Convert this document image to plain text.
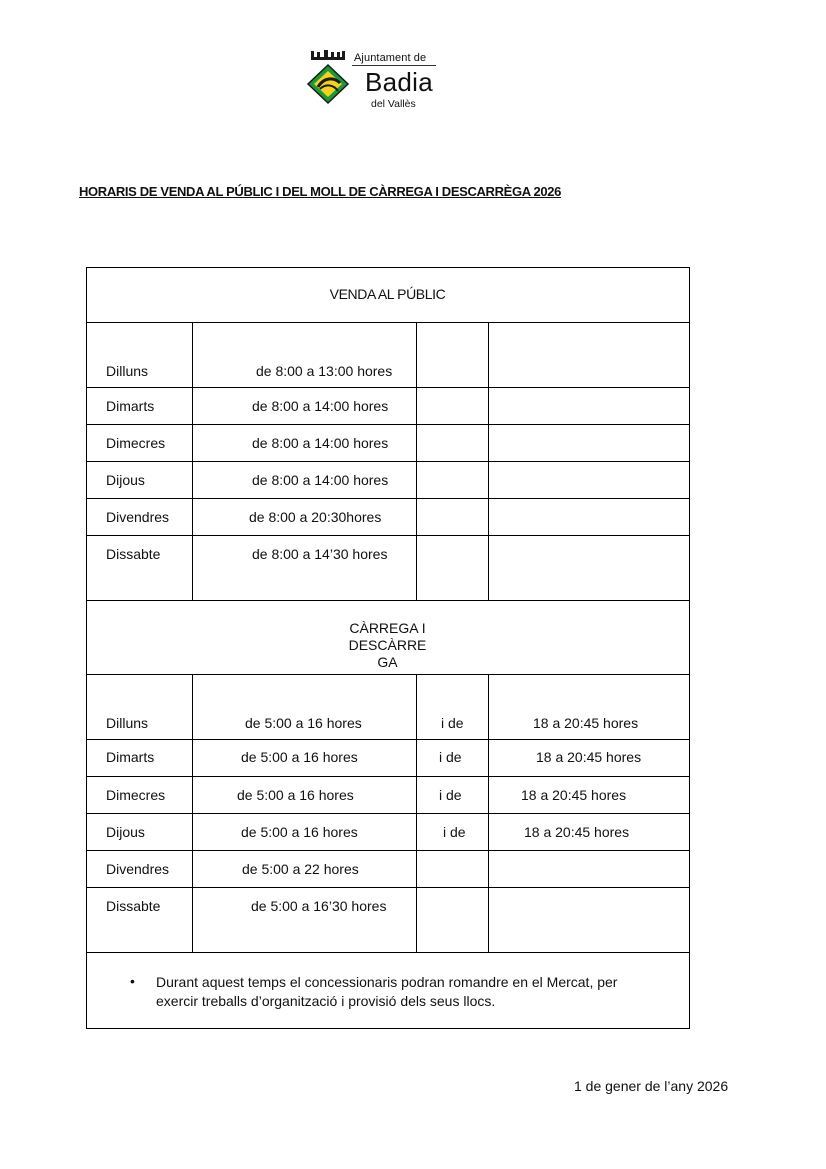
Ajuntament de
Badia
del Vallès
HORARIS DE VENDA AL PÚBLIC I DEL MOLL DE CÀRREGA I DESCARRÈGA 2026
VENDA AL PÚBLIC
Dilluns	de 8:00 a 13:00 hores
Dimarts	de 8:00 a 14:00 hores
Dimecres	de 8:00 a 14:00 hores
Dijous	de 8:00 a 14:00 hores
Divendres	de 8:00 a 20:30hores
Dissabte	de 8:00 a 14’30 hores
CÀRREGA I
DESCÀRRE
GA
Dilluns	de 5:00 a 16 hores	i de	18 a 20:45 hores
Dimarts	de 5:00 a 16 hores	i de	18 a 20:45 hores
Dimecres	de 5:00 a 16 hores	i de	18 a 20:45 hores
Dijous	de 5:00 a 16 hores	i de	18 a 20:45 hores
Divendres	de 5:00 a 22 hores
Dissabte	de 5:00 a 16’30 hores
• Durant aquest temps el concessionaris podran romandre en el Mercat, per
exercir treballs d’organització i provisió dels seus llocs.
1 de gener de l’any 2026
